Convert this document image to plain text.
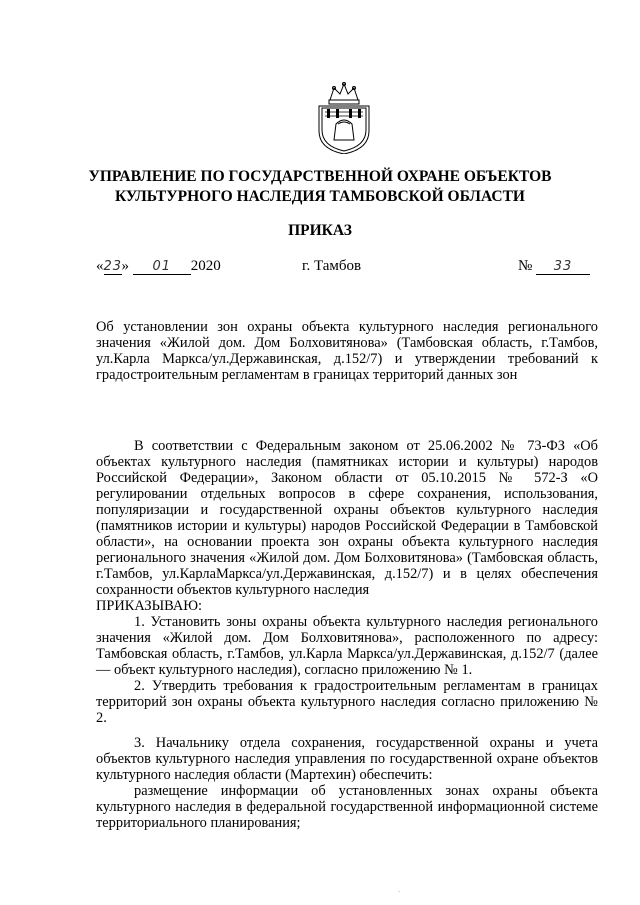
УПРАВЛЕНИЕ ПО ГОСУДАРСТВЕННОЙ ОХРАНЕ ОБЪЕКТОВ
КУЛЬТУРНОГО НАСЛЕДИЯ ТАМБОВСКОЙ ОБЛАСТИ
ПРИКАЗ
«23» 01 2020	г. Тамбов	№ 33
Об установлении зон охраны объекта культурного наследия регионального значения «Жилой дом. Дом Болховитянова» (Тамбовская область, г.Тамбов, ул.Карла Маркса/ул.Державинская, д.152/7) и утверждении требований к градостроительным регламентам в границах территорий данных зон

В соответствии с Федеральным законом от 25.06.2002 № 73-ФЗ «Об объектах культурного наследия (памятниках истории и культуры) народов Российской Федерации», Законом области от 05.10.2015 № 572-З «О регулировании отдельных вопросов в сфере сохранения, использования, популяризации и государственной охраны объектов культурного наследия (памятников истории и культуры) народов Российской Федерации в Тамбовской области», на основании проекта зон охраны объекта культурного наследия регионального значения «Жилой дом. Дом Болховитянова» (Тамбовская область, г.Тамбов, ул.КарлаМаркса/ул.Державинская, д.152/7) и в целях обеспечения сохранности объектов культурного наследия

ПРИКАЗЫВАЮ:

1. Установить зоны охраны объекта культурного наследия регионального значения «Жилой дом. Дом Болховитянова», расположенного по адресу: Тамбовская область, г.Тамбов, ул.Карла Маркса/ул.Державинская, д.152/7 (далее — объект культурного наследия), согласно приложению № 1.

2. Утвердить требования к градостроительным регламентам в границах территорий зон охраны объекта культурного наследия согласно приложению № 2.

3. Начальнику отдела сохранения, государственной охраны и учета объектов культурного наследия управления по государственной охране объектов культурного наследия области (Мартехин) обеспечить:

размещение информации об установленных зонах охраны объекта культурного наследия в федеральной государственной информационной системе территориального планирования;

.
